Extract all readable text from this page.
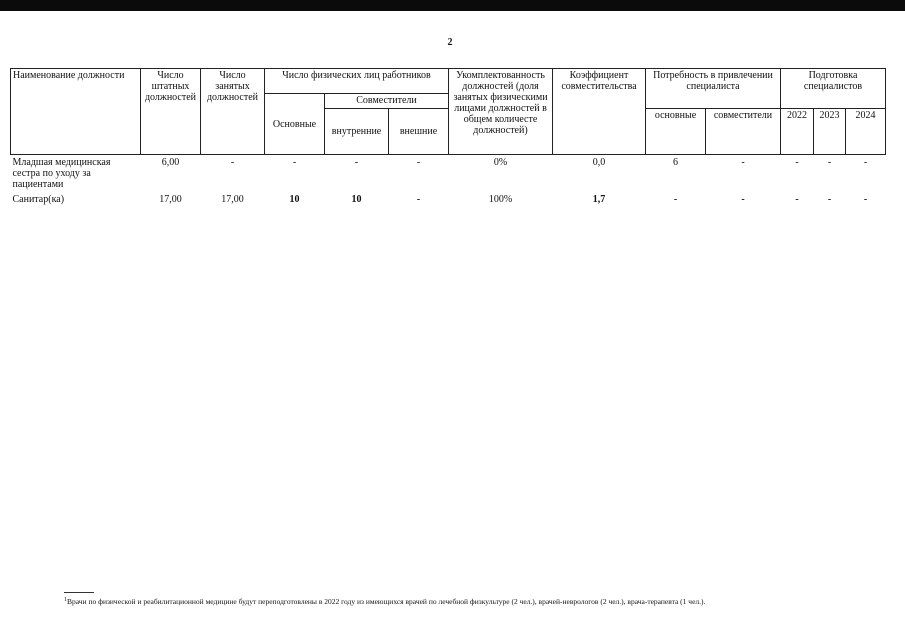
2
Наименование должности	Число штатных должностей	Число занятых должностей	Число физических лиц работников			Укомплектованность должностей (доля занятых физическими лицами должностей в общем количесте должностей)	Коэффициент совместительства	Потребность в привлечении специалиста		Подготовка специалистов		
			Основные	Совместители								
				внутренние	внешние			основные	совместители	2022	2023	2024
Младшая медицинская сестра по уходу за пациентами	6,00	-	-	-	-	0%	0,0	6	-	-	-	-
Санитар(ка)	17,00	17,00	10	10	-	100%	1,7	-	-	-	-	-
$^1$Врачи по физической и реабилитационной медицине будут переподготовлены в 2022 году из имеющихся врачей по лечебной физкультуре (2 чел.), врачей-неврологов (2 чел.), врача-терапевта (1 чел.).
